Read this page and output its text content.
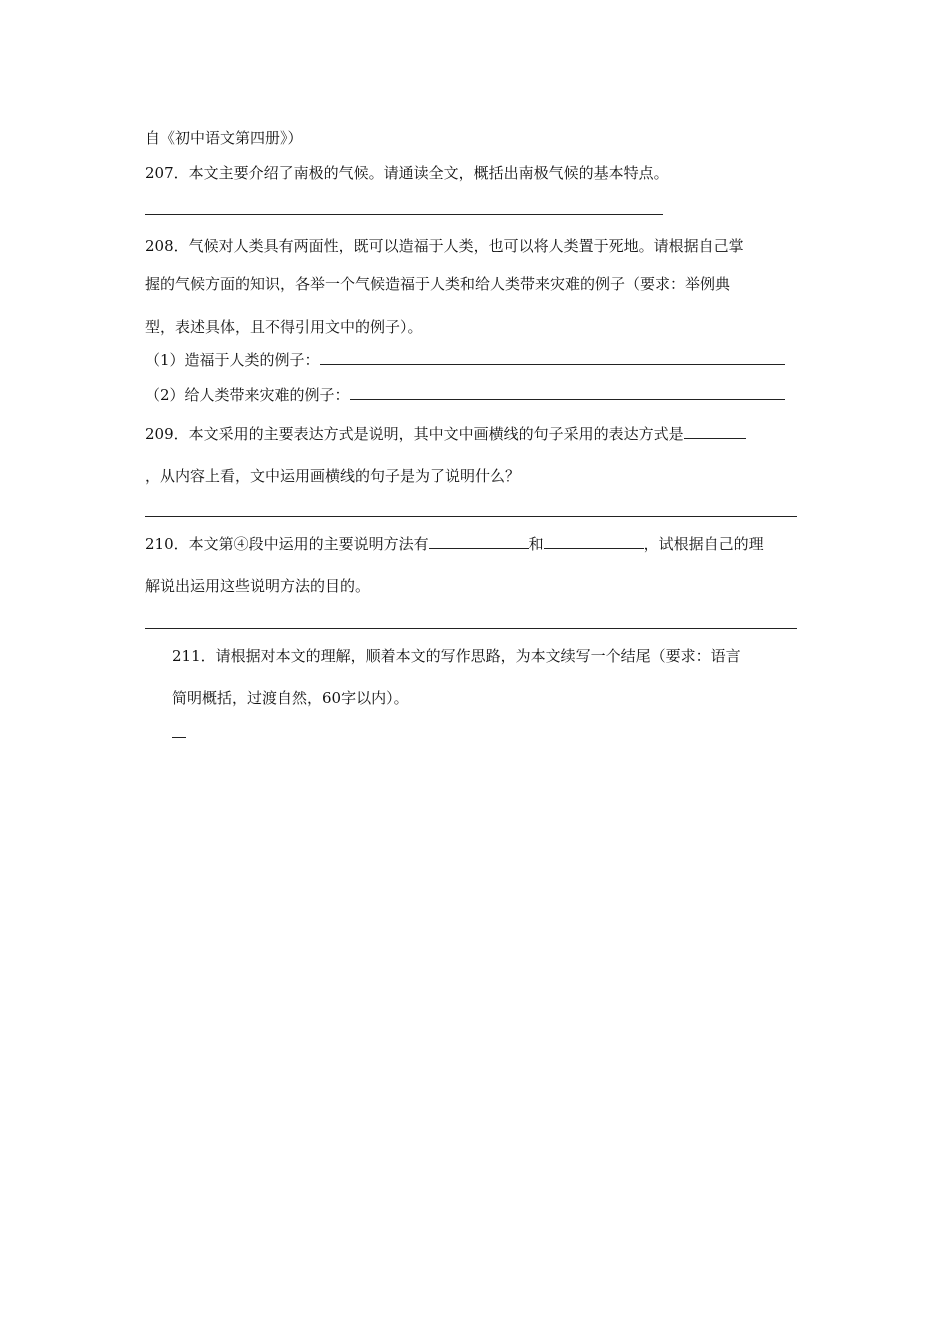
自《初中语文第四册》）
207．本文主要介绍了南极的气候。请通读全文，概括出南极气候的基本特点。
208．气候对人类具有两面性，既可以造福于人类，也可以将人类置于死地。请根据自己掌
握的气候方面的知识，各举一个气候造福于人类和给人类带来灾难的例子（要求：举例典
型，表述具体，且不得引用文中的例子）。
（1）造福于人类的例子：
（2）给人类带来灾难的例子：
209．本文采用的主要表达方式是说明，其中文中画横线的句子采用的表达方式是
，从内容上看，文中运用画横线的句子是为了说明什么？
210．本文第④段中运用的主要说明方法有	和	，试根据自己的理
解说出运用这些说明方法的目的。
211．请根据对本文的理解，顺着本文的写作思路，为本文续写一个结尾（要求：语言
简明概括，过渡自然，60字以内）。
